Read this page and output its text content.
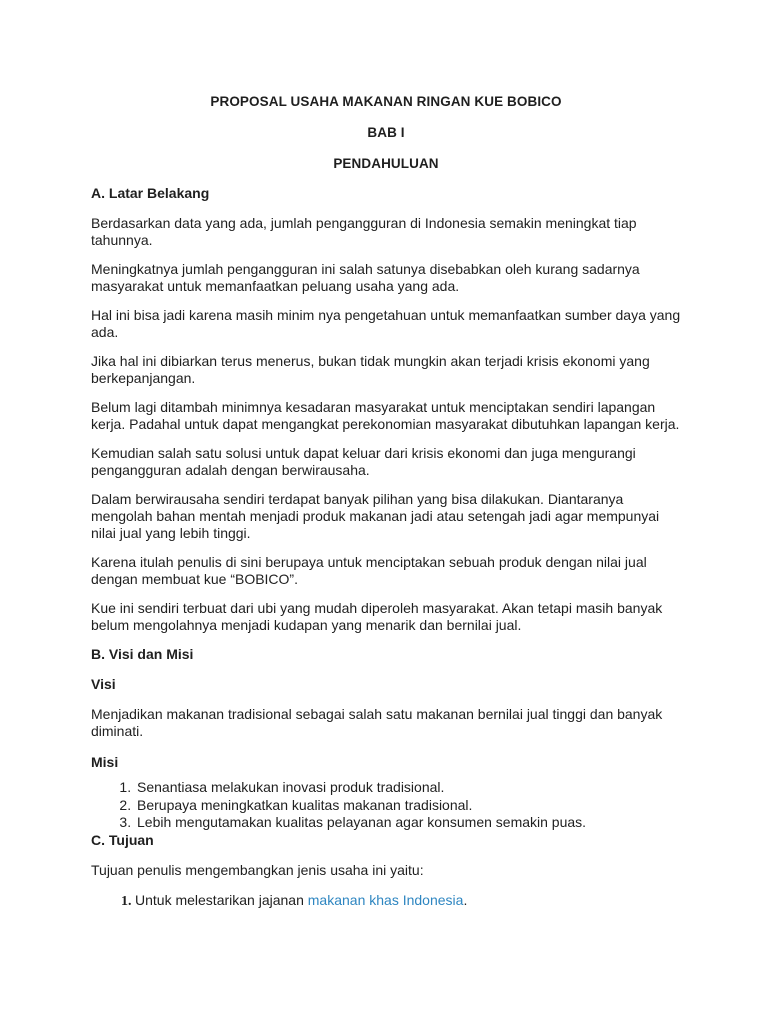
PROPOSAL USAHA MAKANAN RINGAN KUE BOBICO
BAB I
PENDAHULUAN
A. Latar Belakang

Berdasarkan data yang ada, jumlah pengangguran di Indonesia semakin meningkat tiap tahunnya.

Meningkatnya jumlah pengangguran ini salah satunya disebabkan oleh kurang sadarnya masyarakat untuk memanfaatkan peluang usaha yang ada.

Hal ini bisa jadi karena masih minim nya pengetahuan untuk memanfaatkan sumber daya yang ada.

Jika hal ini dibiarkan terus menerus, bukan tidak mungkin akan terjadi krisis ekonomi yang berkepanjangan.

Belum lagi ditambah minimnya kesadaran masyarakat untuk menciptakan sendiri lapangan kerja. Padahal untuk dapat mengangkat perekonomian masyarakat dibutuhkan lapangan kerja.

Kemudian salah satu solusi untuk dapat keluar dari krisis ekonomi dan juga mengurangi pengangguran adalah dengan berwirausaha.

Dalam berwirausaha sendiri terdapat banyak pilihan yang bisa dilakukan. Diantaranya mengolah bahan mentah menjadi produk makanan jadi atau setengah jadi agar mempunyai nilai jual yang lebih tinggi.

Karena itulah penulis di sini berupaya untuk menciptakan sebuah produk dengan nilai jual dengan membuat kue “BOBICO”.

Kue ini sendiri terbuat dari ubi yang mudah diperoleh masyarakat. Akan tetapi masih banyak belum mengolahnya menjadi kudapan yang menarik dan bernilai jual.

B. Visi dan Misi
Visi

Menjadikan makanan tradisional sebagai salah satu makanan bernilai jual tinggi dan banyak diminati.

Misi
1. Senantiasa melakukan inovasi produk tradisional.
2. Berupaya meningkatkan kualitas makanan tradisional.
3. Lebih mengutamakan kualitas pelayanan agar konsumen semakin puas.
C. Tujuan

Tujuan penulis mengembangkan jenis usaha ini yaitu:

1. Untuk melestarikan jajanan makanan khas Indonesia.
